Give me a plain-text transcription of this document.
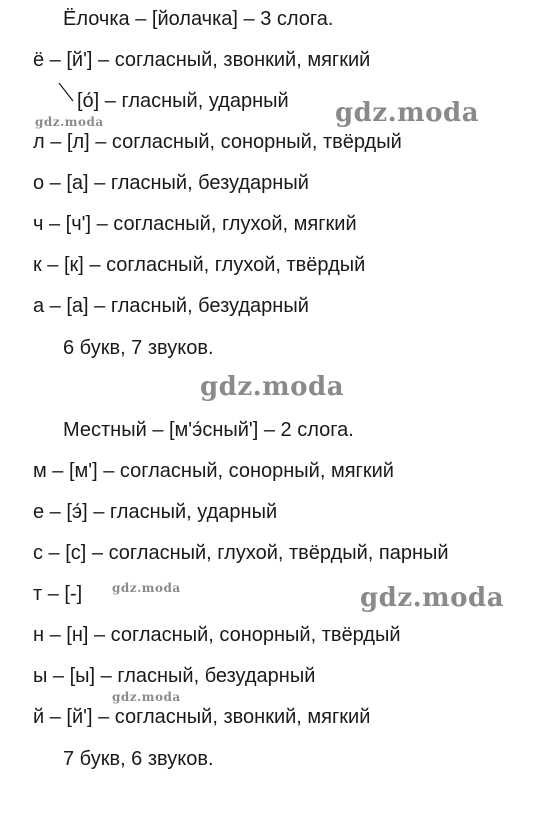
Ёлочка – [йолачка] – 3 слога.
ё – [й'] – согласный, звонкий, мягкий
[о́] – гласный, ударный
л – [л] – согласный, сонорный, твёрдый
о – [а] – гласный, безударный
ч – [ч'] – согласный, глухой, мягкий
к – [к] – согласный, глухой, твёрдый
а – [а] – гласный, безударный
6 букв, 7 звуков.
Местный – [м'э́сный'] – 2 слога.
м – [м'] – согласный, сонорный, мягкий
е – [э́] – гласный, ударный
с – [с] – согласный, глухой, твёрдый, парный
т – [-]
н – [н] – согласный, сонорный, твёрдый
ы – [ы] – гласный, безударный
й – [й'] – согласный, звонкий, мягкий
7 букв, 6 звуков.
gdz.moda
gdz.moda
gdz.moda
gdz.moda	gdz.moda
gdz.moda
